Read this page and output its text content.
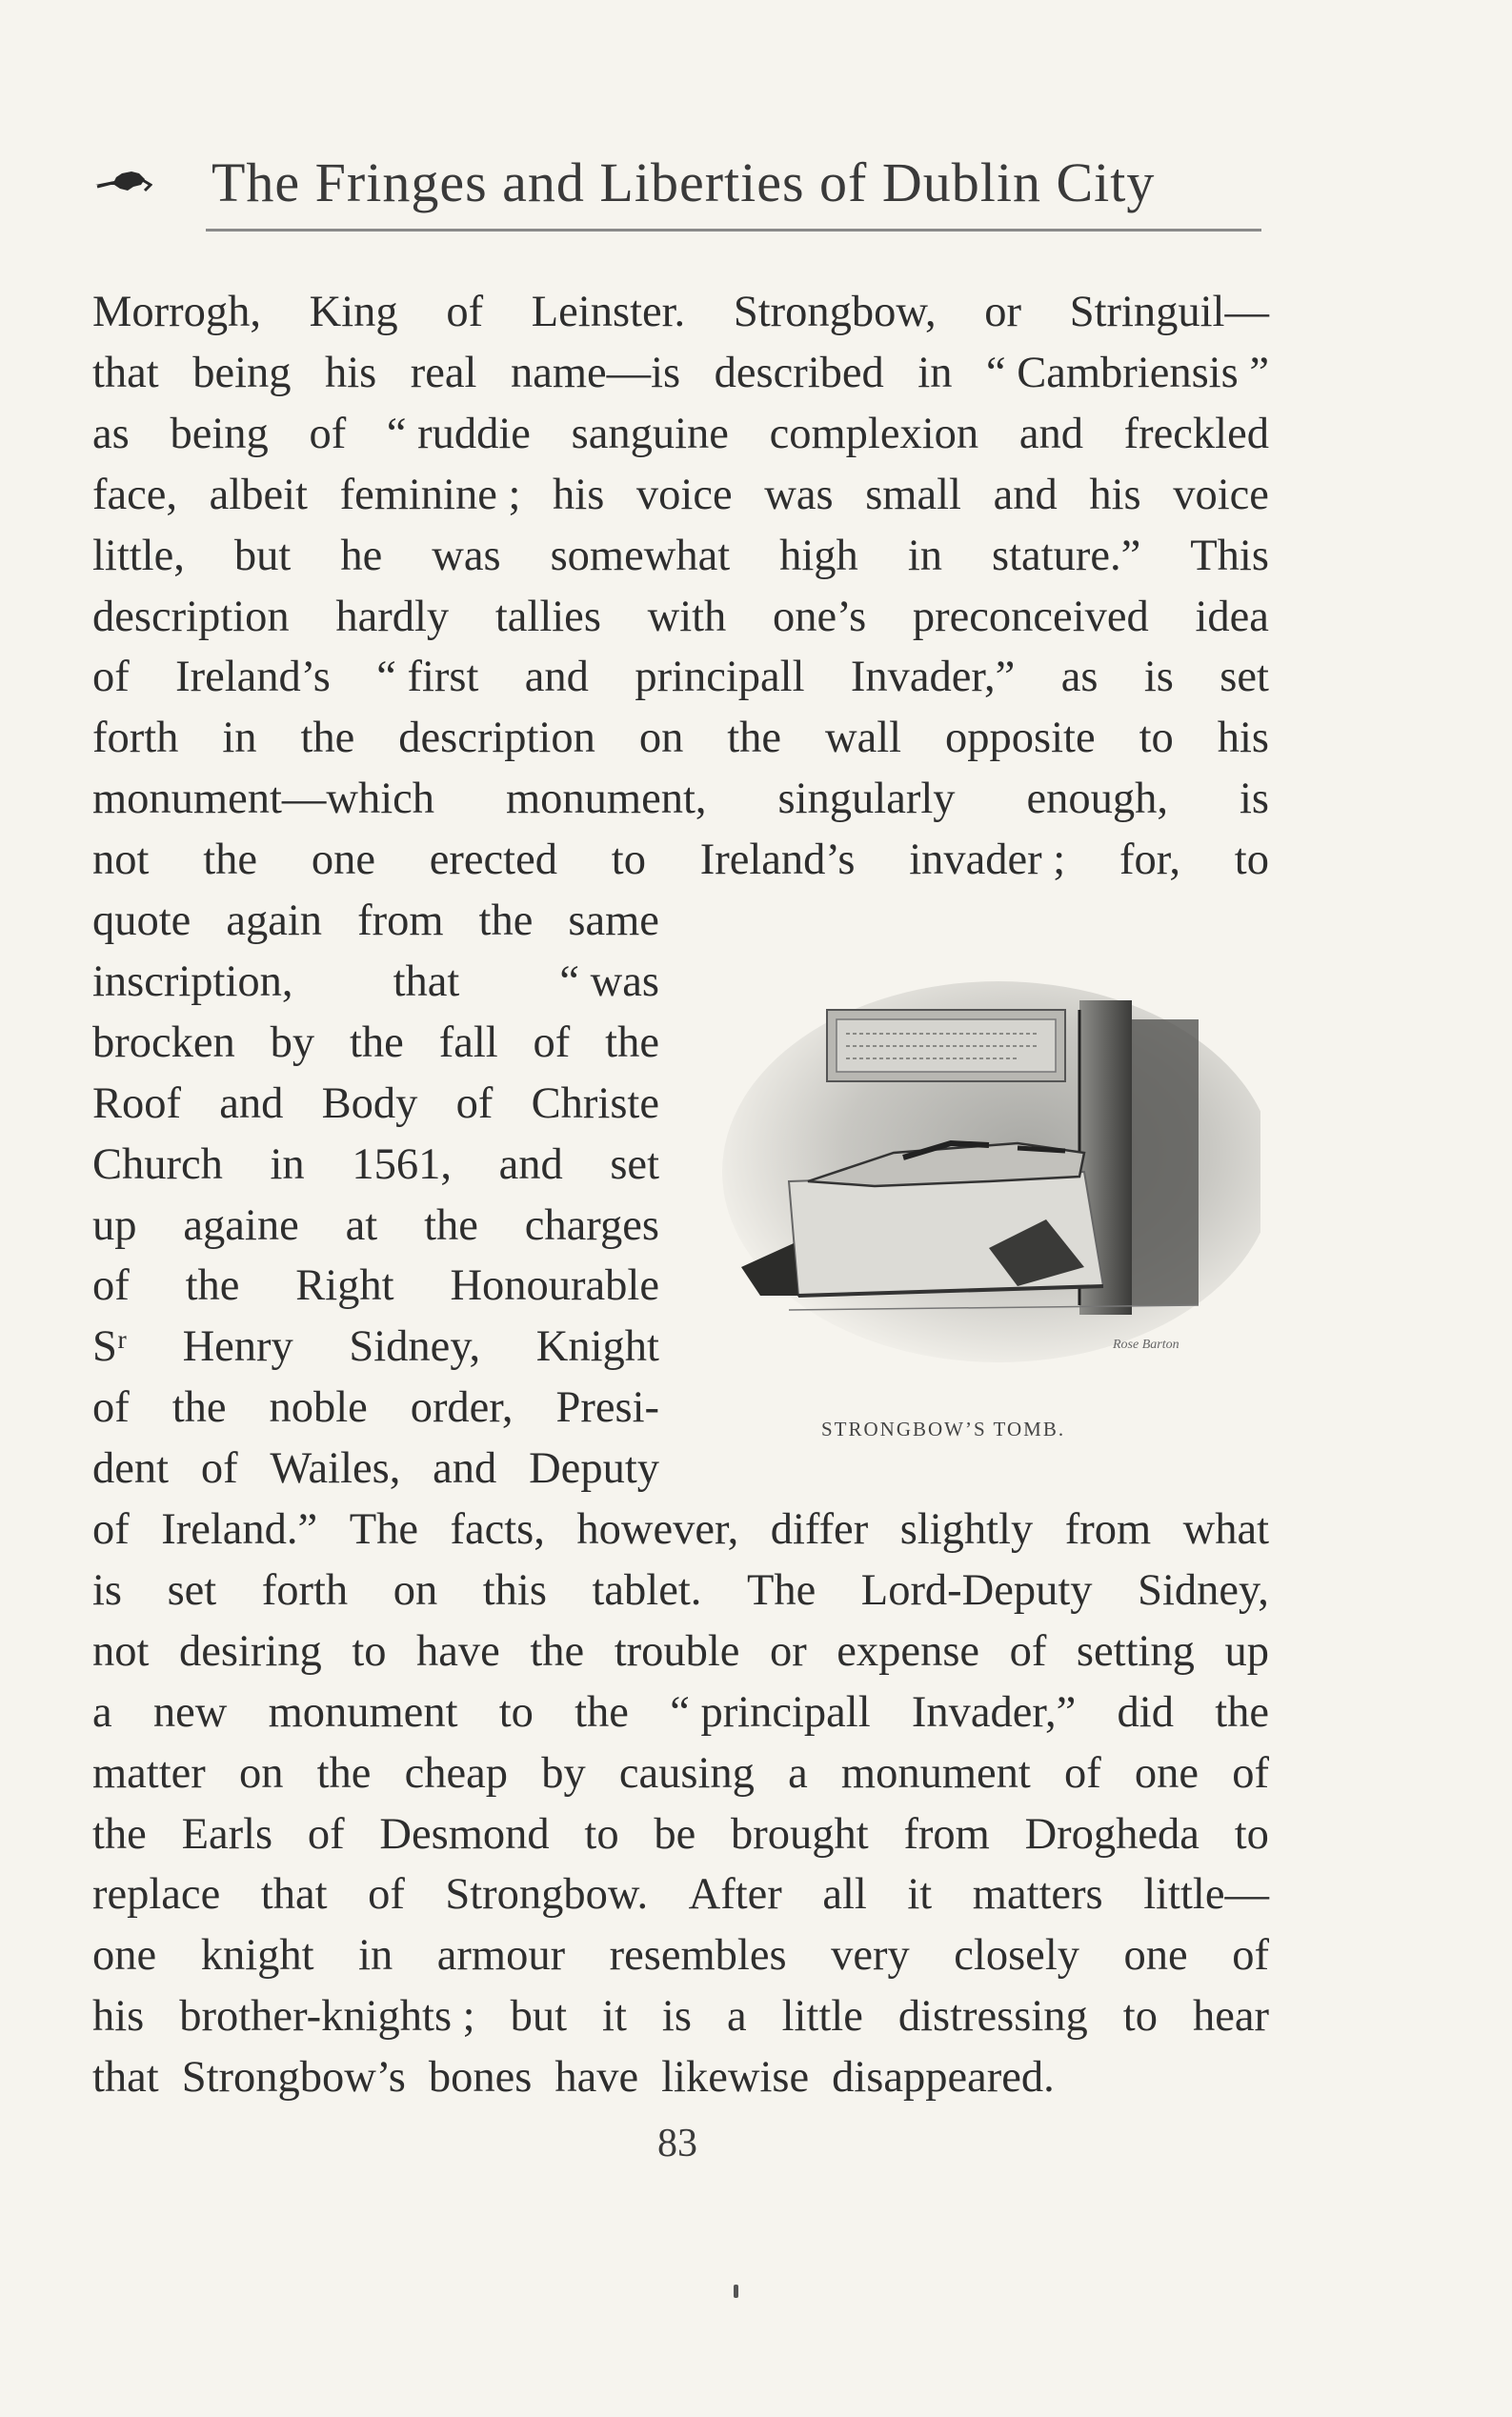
The Fringes and Liberties of Dublin City
Morrogh, King of Leinster. Strongbow, or Stringuil—
that being his real name—is described in “ Cambriensis ”
as being of “ ruddie sanguine complexion and freckled
face, albeit feminine ; his voice was small and his voice
little, but he was somewhat high in stature.” This
description hardly tallies with one’s preconceived idea
of Ireland’s “ first and principall Invader,” as is set
forth in the description on the wall opposite to his
monument—which monument, singularly enough, is
not the one erected to Ireland’s invader ; for, to
quote again from the same
inscription, that “ was
brocken by the fall of the
Roof and Body of Christe
Church in 1561, and set
up againe at the charges
of the Right Honourable
Sʳ Henry Sidney, Knight
of the noble order, Presi-
dent of Wailes, and Deputy
of Ireland.” The facts, however, differ slightly from what
is set forth on this tablet. The Lord-Deputy Sidney,
not desiring to have the trouble or expense of setting up
a new monument to the “ principall Invader,” did the
matter on the cheap by causing a monument of one of
the Earls of Desmond to be brought from Drogheda to
replace that of Strongbow. After all it matters little—
one knight in armour resembles very closely one of
his brother-knights ; but it is a little distressing to hear
that Strongbow’s bones have likewise disappeared.
Rose Barton
STRONGBOW’S TOMB.
83
